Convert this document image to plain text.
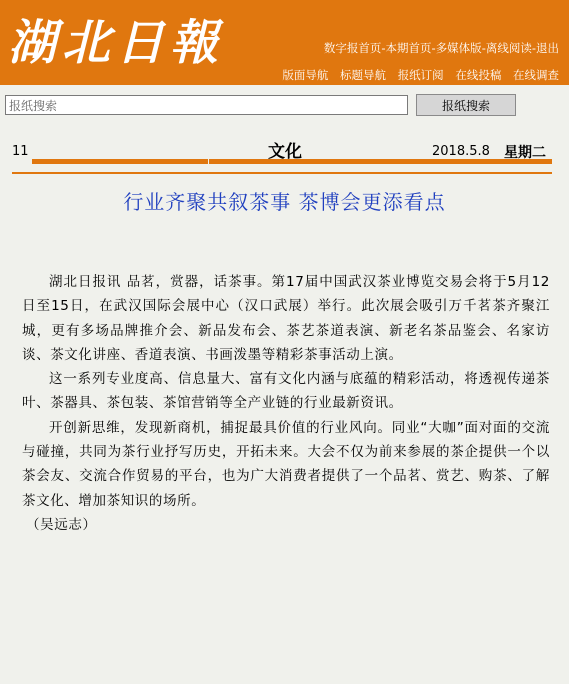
湖北日報	数字报首页-本期首页-多媒体版-离线阅读-退出
版面导航 标题导航 报纸订阅 在线投稿 在线调查
报纸搜索
报纸搜索
11	文化	2018.5.8 星期二
行业齐聚共叙茶事 茶博会更添看点

湖北日报讯 品茗，赏器，话茶事。第17届中国武汉茶业博览交易会将于5月12日至15日，在武汉国际会展中心（汉口武展）举行。此次展会吸引万千茗茶齐聚江城，更有多场品牌推介会、新品发布会、茶艺茶道表演、新老名茶品鉴会、名家访谈、茶文化讲座、香道表演、书画泼墨等精彩茶事活动上演。

这一系列专业度高、信息量大、富有文化内涵与底蕴的精彩活动，将透视传递茶叶、茶器具、茶包装、茶馆营销等全产业链的行业最新资讯。

开创新思维，发现新商机，捕捉最具价值的行业风向。同业“大咖”面对面的交流与碰撞，共同为茶行业抒写历史，开拓未来。大会不仅为前来参展的茶企提供一个以茶会友、交流合作贸易的平台，也为广大消费者提供了一个品茗、赏艺、购茶、了解茶文化、增加茶知识的场所。

（吴远志）
